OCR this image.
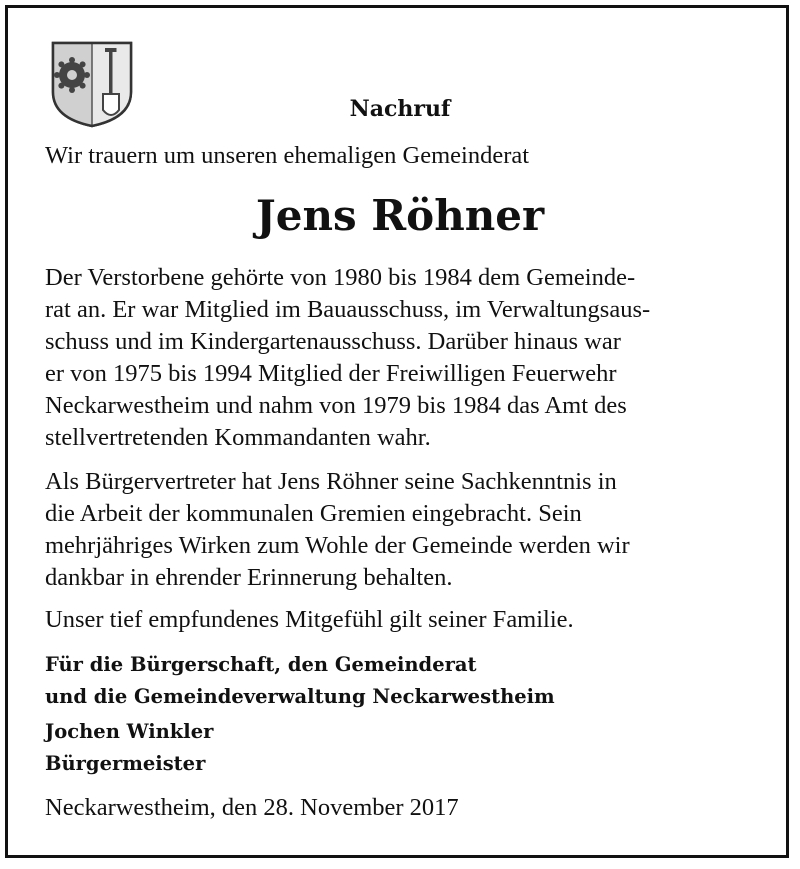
Nachruf
Wir trauern um unseren ehemaligen Gemeinderat
Jens Röhner
Der Verstorbene gehörte von 1980 bis 1984 dem Gemeinde-
rat an. Er war Mitglied im Bauausschuss, im Verwaltungsaus-
schuss und im Kindergartenausschuss. Darüber hinaus war
er von 1975 bis 1994 Mitglied der Freiwilligen Feuerwehr
Neckarwestheim und nahm von 1979 bis 1984 das Amt des
stellvertretenden Kommandanten wahr.
Als Bürgervertreter hat Jens Röhner seine Sachkenntnis in
die Arbeit der kommunalen Gremien eingebracht. Sein
mehrjähriges Wirken zum Wohle der Gemeinde werden wir
dankbar in ehrender Erinnerung behalten.
Unser tief empfundenes Mitgefühl gilt seiner Familie.
Für die Bürgerschaft, den Gemeinderat
und die Gemeindeverwaltung Neckarwestheim
Jochen Winkler
Bürgermeister
Neckarwestheim, den 28. November 2017
